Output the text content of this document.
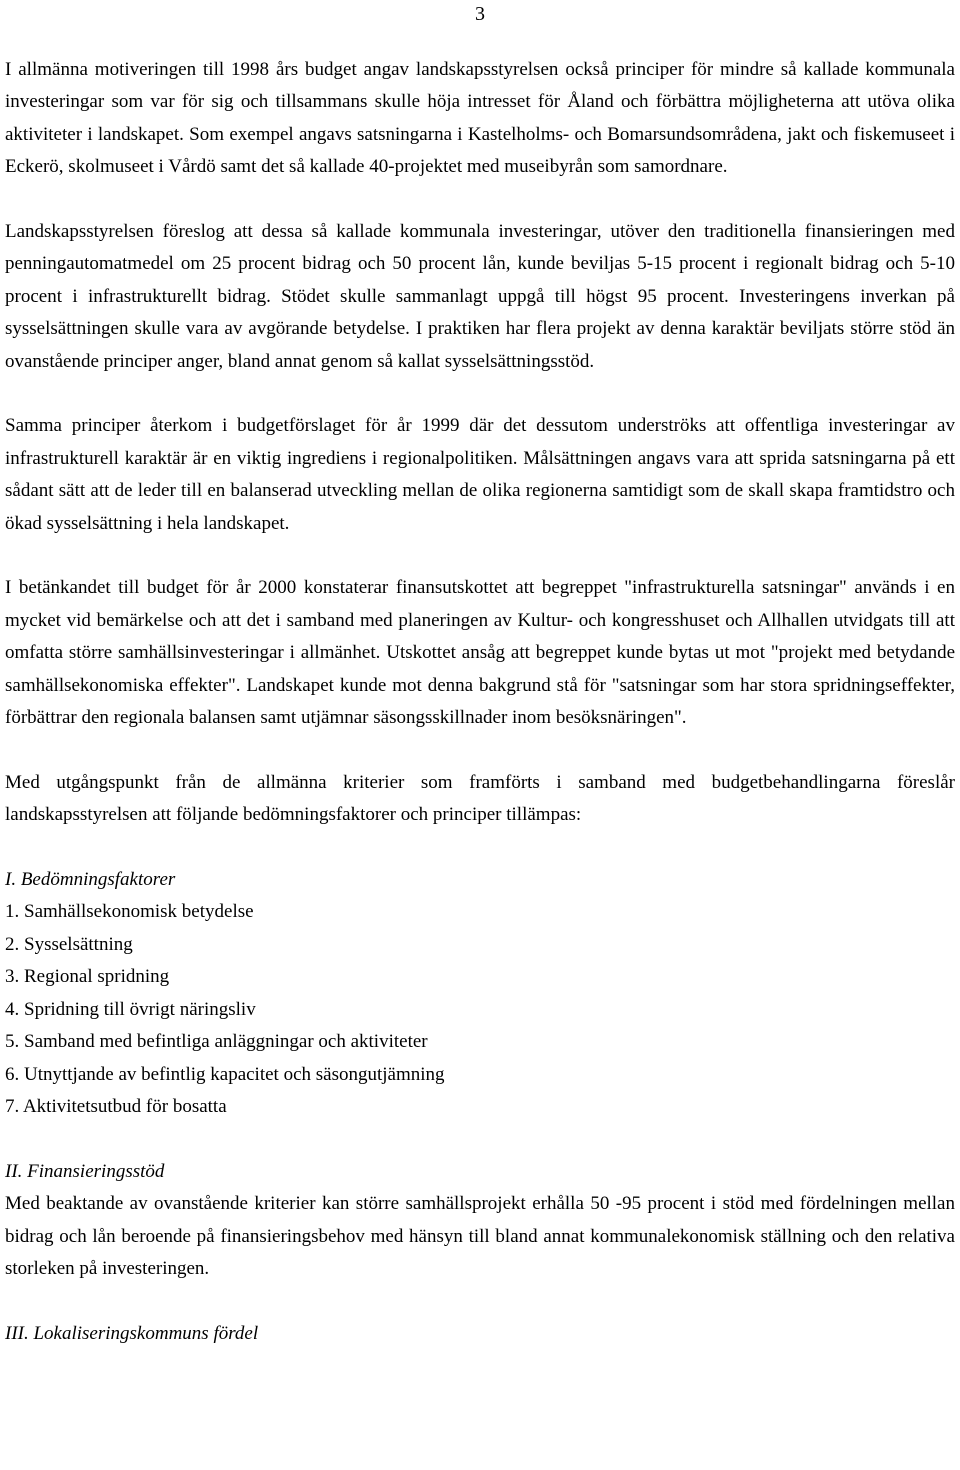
3

I allmänna motiveringen till 1998 års budget angav landskapsstyrelsen också principer för mindre så kallade kommunala investeringar som var för sig och tillsammans skulle höja intresset för Åland och förbättra möjligheterna att utöva olika aktiviteter i landskapet. Som exempel angavs satsningarna i Kastelholms- och Bomarsundsområdena, jakt och fiskemuseet i Eckerö, skolmuseet i Vårdö samt det så kallade 40-projektet med museibyrån som samordnare.

Landskapsstyrelsen föreslog att dessa så kallade kommunala investeringar, utöver den traditionella finansieringen med penningautomatmedel om 25 procent bidrag och 50 procent lån, kunde beviljas 5-15 procent i regionalt bidrag och 5-10 procent i infrastrukturellt bidrag. Stödet skulle sammanlagt uppgå till högst 95 procent. Investeringens inverkan på sysselsättningen skulle vara av avgörande betydelse. I praktiken har flera projekt av denna karaktär beviljats större stöd än ovanstående principer anger, bland annat genom så kallat sysselsättningsstöd.

Samma principer återkom i budgetförslaget för år 1999 där det dessutom underströks att offentliga investeringar av infrastrukturell karaktär är en viktig ingrediens i regionalpolitiken. Målsättningen angavs vara att sprida satsningarna på ett sådant sätt att de leder till en balanserad utveckling mellan de olika regionerna samtidigt som de skall skapa framtidstro och ökad sysselsättning i hela landskapet.

I betänkandet till budget för år 2000 konstaterar finansutskottet att begreppet "infrastrukturella satsningar" används i en mycket vid bemärkelse och att det i samband med planeringen av Kultur- och kongresshuset och Allhallen utvidgats till att omfatta större samhällsinvesteringar i allmänhet. Utskottet ansåg att begreppet kunde bytas ut mot "projekt med betydande samhällsekonomiska effekter". Landskapet kunde mot denna bakgrund stå för "satsningar som har stora spridningseffekter, förbättrar den regionala balansen samt utjämnar säsongsskillnader inom besöksnäringen".

Med utgångspunkt från de allmänna kriterier som framförts i samband med budgetbehandlingarna föreslår landskapsstyrelsen att följande bedömningsfaktorer och principer tillämpas:

I. Bedömningsfaktorer
1. Samhällsekonomisk betydelse
2. Sysselsättning
3. Regional spridning
4. Spridning till övrigt näringsliv
5. Samband med befintliga anläggningar och aktiviteter
6. Utnyttjande av befintlig kapacitet och säsongutjämning
7. Aktivitetsutbud för bosatta
II. Finansieringsstöd

Med beaktande av ovanstående kriterier kan större samhällsprojekt erhålla 50 -95 procent i stöd med fördelningen mellan bidrag och lån beroende på finansieringsbehov med hänsyn till bland annat kommunalekonomisk ställning och den relativa storleken på investeringen.

III. Lokaliseringskommuns fördel
